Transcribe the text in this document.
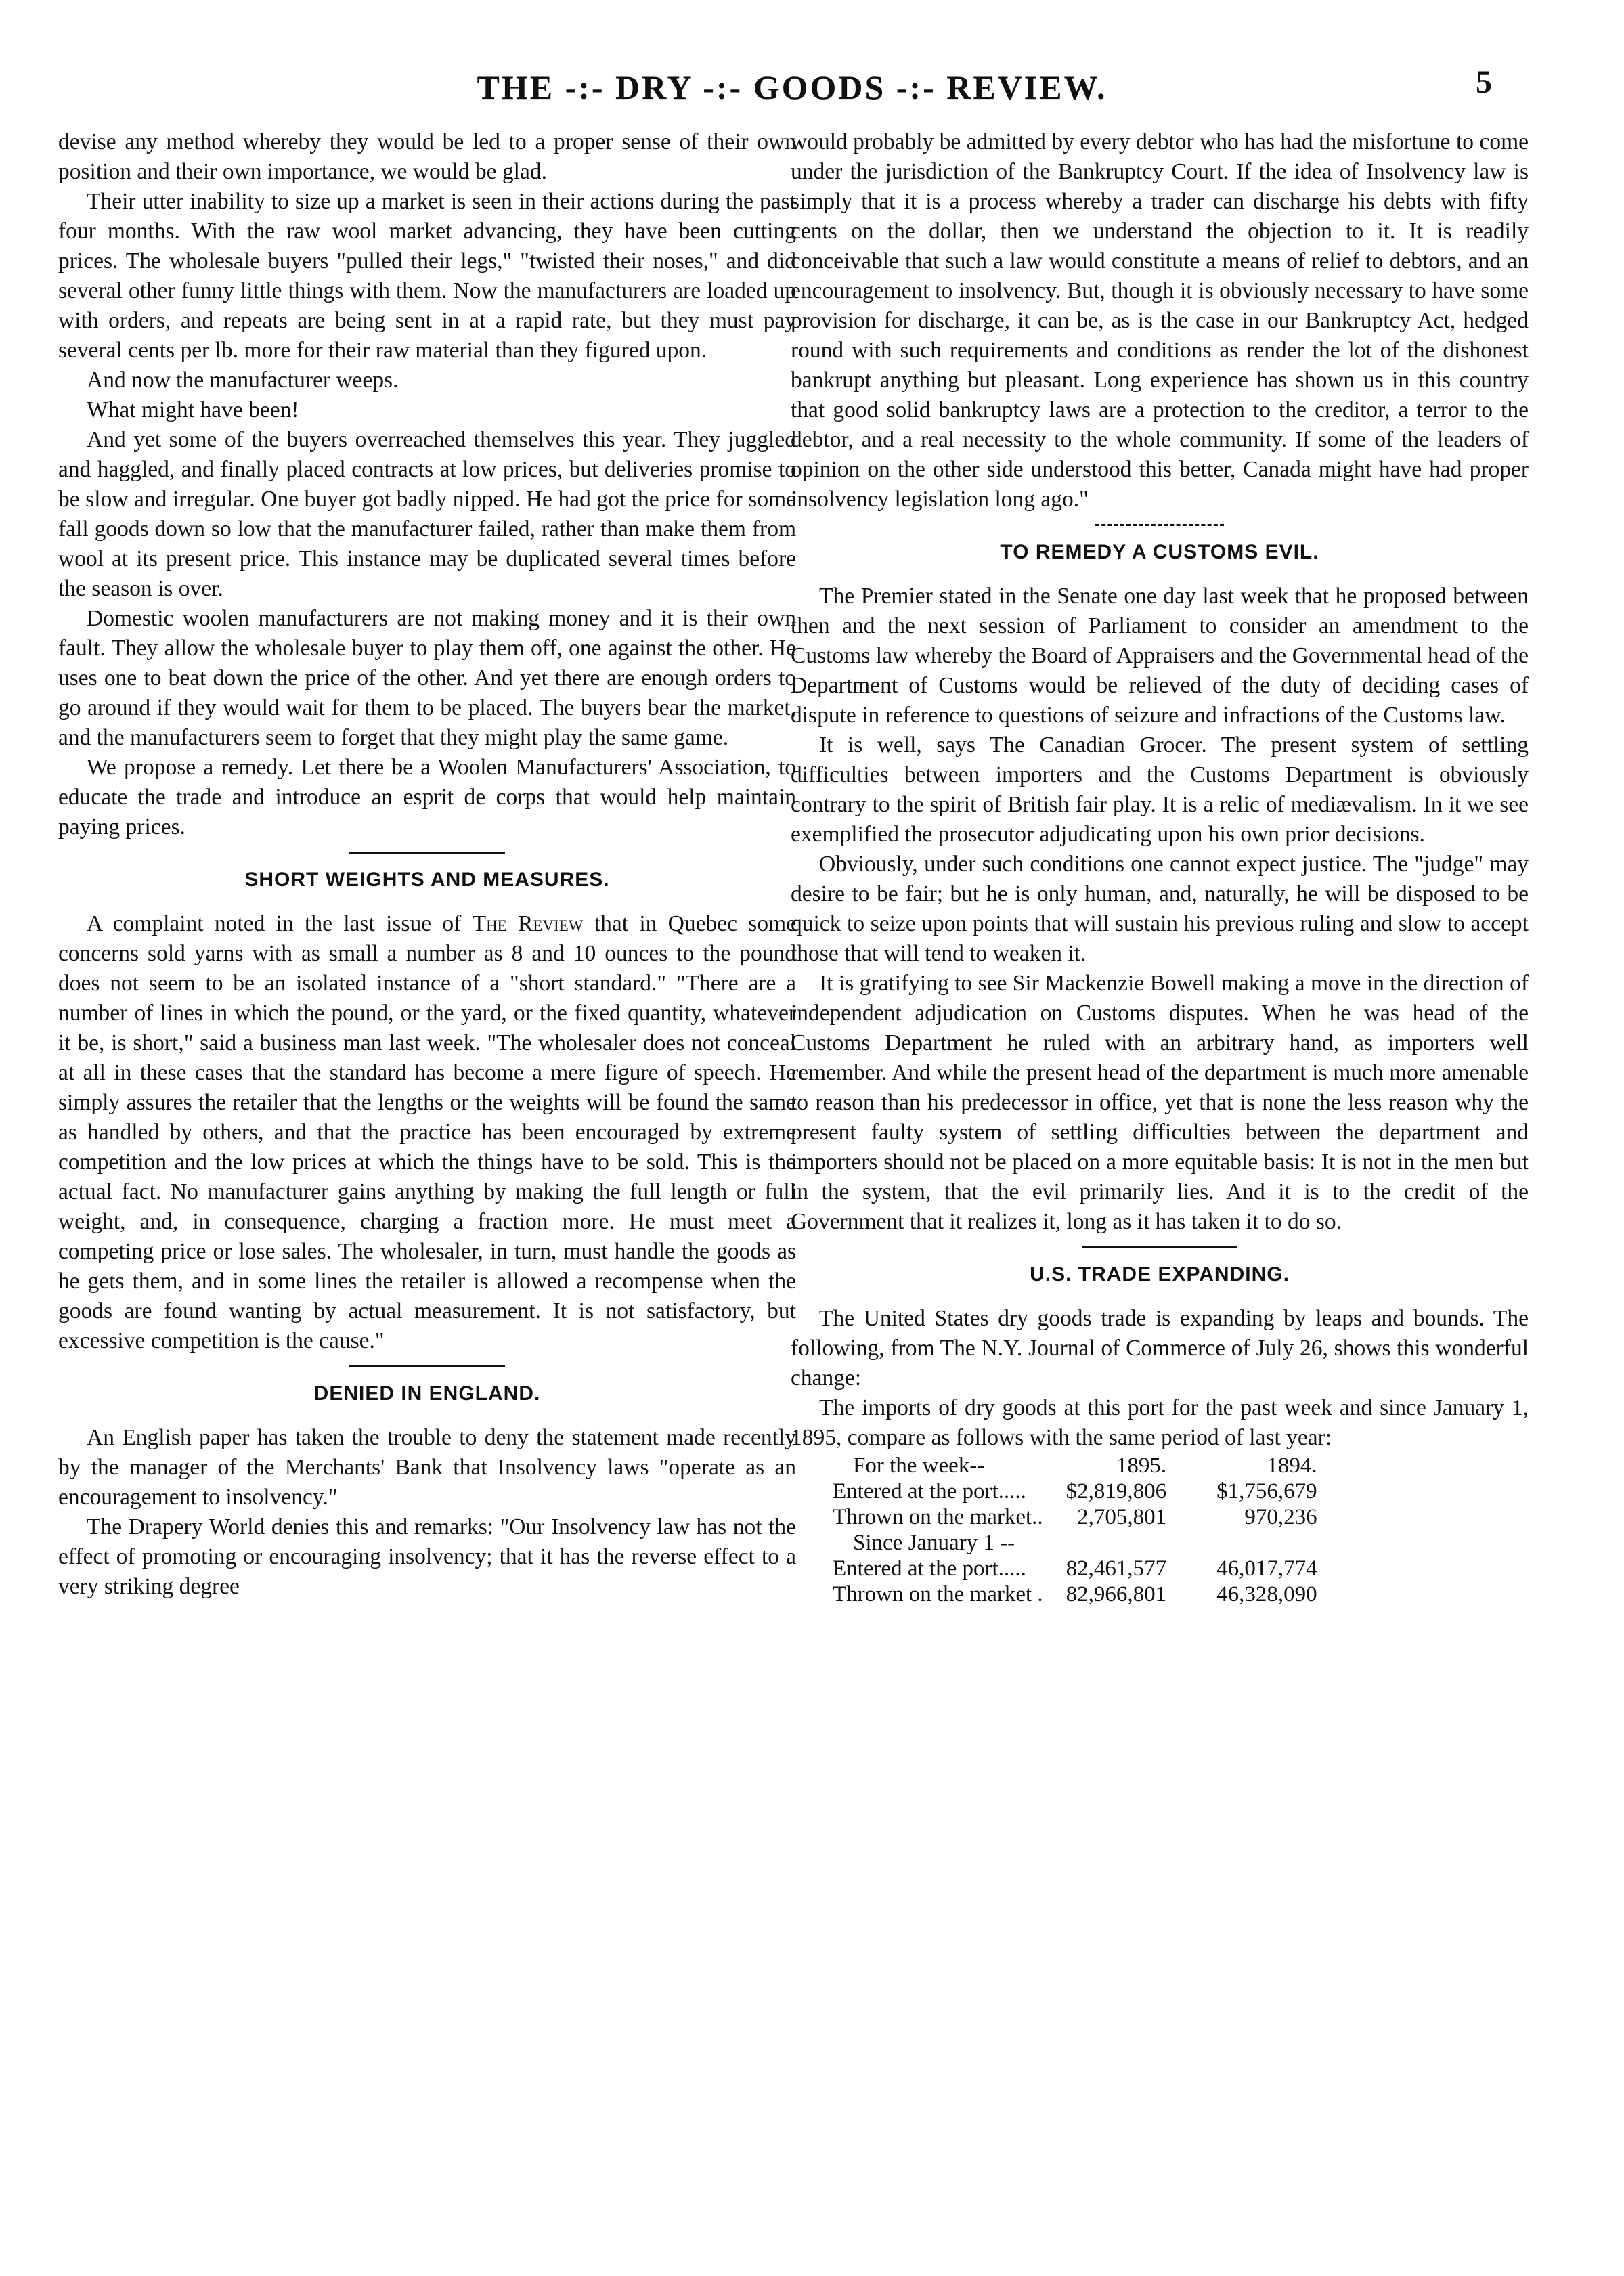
THE -:- DRY -:- GOODS -:- REVIEW.	5

devise any method whereby they would be led to a proper sense of their own position and their own importance, we would be glad.

Their utter inability to size up a market is seen in their actions during the past four months. With the raw wool market advancing, they have been cutting prices. The wholesale buyers "pulled their legs," "twisted their noses," and did several other funny little things with them. Now the manufacturers are loaded up with orders, and repeats are being sent in at a rapid rate, but they must pay several cents per lb. more for their raw material than they figured upon.

And now the manufacturer weeps.

What might have been!

And yet some of the buyers overreached themselves this year. They juggled and haggled, and finally placed contracts at low prices, but deliveries promise to be slow and irregular. One buyer got badly nipped. He had got the price for some fall goods down so low that the manufacturer failed, rather than make them from wool at its present price. This instance may be duplicated several times before the season is over.

Domestic woolen manufacturers are not making money and it is their own fault. They allow the wholesale buyer to play them off, one against the other. He uses one to beat down the price of the other. And yet there are enough orders to go around if they would wait for them to be placed. The buyers bear the market, and the manufacturers seem to forget that they might play the same game.

We propose a remedy. Let there be a Woolen Manufacturers' Association, to educate the trade and introduce an esprit de corps that would help maintain paying prices.

SHORT WEIGHTS AND MEASURES.

A complaint noted in the last issue of The Review that in Quebec some concerns sold yarns with as small a number as 8 and 10 ounces to the pound does not seem to be an isolated instance of a "short standard." "There are a number of lines in which the pound, or the yard, or the fixed quantity, whatever it be, is short," said a business man last week. "The wholesaler does not conceal at all in these cases that the standard has become a mere figure of speech. He simply assures the retailer that the lengths or the weights will be found the same as handled by others, and that the practice has been encouraged by extreme competition and the low prices at which the things have to be sold. This is the actual fact. No manufacturer gains anything by making the full length or full weight, and, in consequence, charging a fraction more. He must meet a competing price or lose sales. The wholesaler, in turn, must handle the goods as he gets them, and in some lines the retailer is allowed a recompense when the goods are found wanting by actual measurement. It is not satisfactory, but excessive competition is the cause."

DENIED IN ENGLAND.

An English paper has taken the trouble to deny the statement made recently by the manager of the Merchants' Bank that Insolvency laws "operate as an encouragement to insolvency."

The Drapery World denies this and remarks: "Our Insolvency law has not the effect of promoting or encouraging insolvency; that it has the reverse effect to a very striking degree

would probably be admitted by every debtor who has had the misfortune to come under the jurisdiction of the Bankruptcy Court. If the idea of Insolvency law is simply that it is a process whereby a trader can discharge his debts with fifty cents on the dollar, then we understand the objection to it. It is readily conceivable that such a law would constitute a means of relief to debtors, and an encouragement to insolvency. But, though it is obviously necessary to have some provision for discharge, it can be, as is the case in our Bankruptcy Act, hedged round with such requirements and conditions as render the lot of the dishonest bankrupt anything but pleasant. Long experience has shown us in this country that good solid bankruptcy laws are a protection to the creditor, a terror to the debtor, and a real necessity to the whole community. If some of the leaders of opinion on the other side understood this better, Canada might have had proper insolvency legislation long ago."

TO REMEDY A CUSTOMS EVIL.

The Premier stated in the Senate one day last week that he proposed between then and the next session of Parliament to consider an amendment to the Customs law whereby the Board of Appraisers and the Governmental head of the Department of Customs would be relieved of the duty of deciding cases of dispute in reference to questions of seizure and infractions of the Customs law.

It is well, says The Canadian Grocer. The present system of settling difficulties between importers and the Customs Department is obviously contrary to the spirit of British fair play. It is a relic of mediævalism. In it we see exemplified the prosecutor adjudicating upon his own prior decisions.

Obviously, under such conditions one cannot expect justice. The "judge" may desire to be fair; but he is only human, and, naturally, he will be disposed to be quick to seize upon points that will sustain his previous ruling and slow to accept those that will tend to weaken it.

It is gratifying to see Sir Mackenzie Bowell making a move in the direction of independent adjudication on Customs disputes. When he was head of the Customs Department he ruled with an arbitrary hand, as importers well remember. And while the present head of the department is much more amenable to reason than his predecessor in office, yet that is none the less reason why the present faulty system of settling difficulties between the department and importers should not be placed on a more equitable basis: It is not in the men but in the system, that the evil primarily lies. And it is to the credit of the Government that it realizes it, long as it has taken it to do so.

U.S. TRADE EXPANDING.

The United States dry goods trade is expanding by leaps and bounds. The following, from The N.Y. Journal of Commerce of July 26, shows this wonderful change:

The imports of dry goods at this port for the past week and since January 1, 1895, compare as follows with the same period of last year:

For the week--	1895.	1894.
Entered at the port.....	$2,819,806	$1,756,679
Thrown on the market..	2,705,801	970,236
Since January 1 --		
Entered at the port.....	82,461,577	46,017,774
Thrown on the market .	82,966,801	46,328,090
